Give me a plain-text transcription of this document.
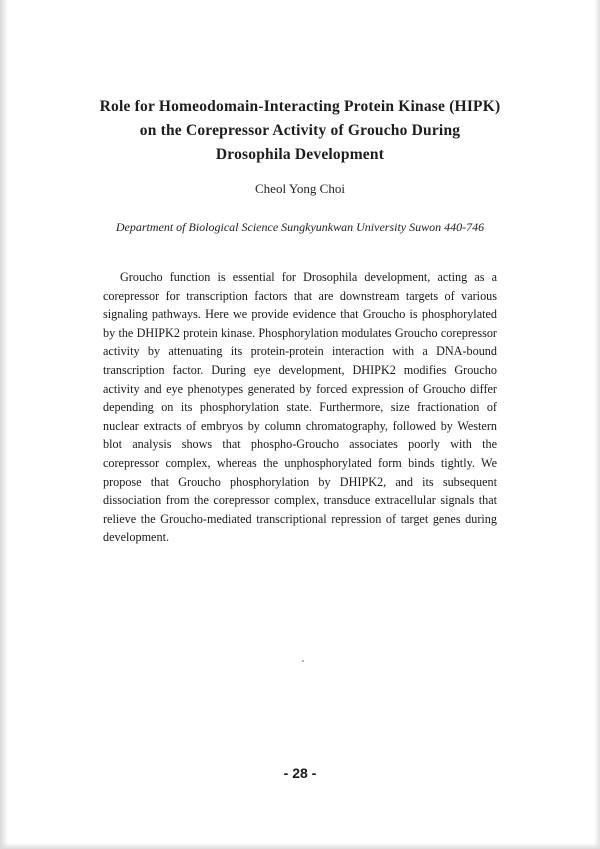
Role for Homeodomain-Interacting Protein Kinase (HIPK)
on the Corepressor Activity of Groucho During
Drosophila Development
Cheol Yong Choi
Department of Biological Science Sungkyunkwan University Suwon 440-746

Groucho function is essential for Drosophila development, acting as a corepressor for transcription factors that are downstream targets of various signaling pathways. Here we provide evidence that Groucho is phosphorylated by the DHIPK2 protein kinase. Phosphorylation modulates Groucho corepressor activity by attenuating its protein-protein interaction with a DNA-bound transcription factor. During eye development, DHIPK2 modifies Groucho activity and eye phenotypes generated by forced expression of Groucho differ depending on its phosphorylation state. Furthermore, size fractionation of nuclear extracts of embryos by column chromatography, followed by Western blot analysis shows that phospho-Groucho associates poorly with the corepressor complex, whereas the unphosphorylated form binds tightly. We propose that Groucho phosphorylation by DHIPK2, and its subsequent dissociation from the corepressor complex, transduce extracellular signals that relieve the Groucho-mediated transcriptional repression of target genes during development.

- 28 -
